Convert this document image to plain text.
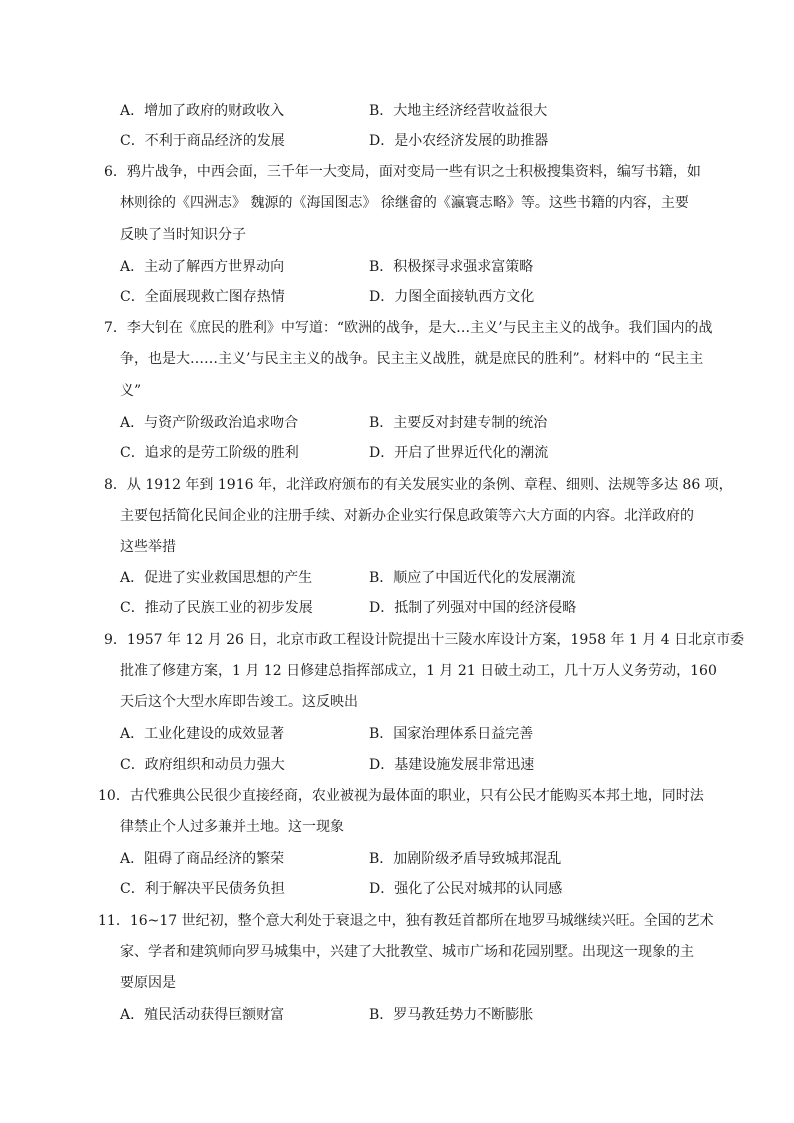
A．增加了政府的财政收入	B．大地主经济经营收益很大
C．不利于商品经济的发展	D．是小农经济发展的助推器
6．鸦片战争，中西会面，三千年一大变局，面对变局一些有识之士积极搜集资料，编写书籍，如
林则徐的《四洲志》 魏源的《海国图志》 徐继畲的《瀛寰志略》等。这些书籍的内容，主要
反映了当时知识分子
A．主动了解西方世界动向	B．积极探寻求强求富策略
C．全面展现救亡图存热情	D．力图全面接轨西方文化
7．李大钊在《庶民的胜利》中写道：“欧洲的战争，是大…主义’与民主主义的战争。我们国内的战
争，也是大……主义’与民主主义的战争。民主主义战胜，就是庶民的胜利”。材料中的 “民主主
义”
A．与资产阶级政治追求吻合	B．主要反对封建专制的统治
C．追求的是劳工阶级的胜利	D．开启了世界近代化的潮流
8．从 1912 年到 1916 年，北洋政府颁布的有关发展实业的条例、章程、细则、法规等多达 86 项，
主要包括简化民间企业的注册手续、对新办企业实行保息政策等六大方面的内容。北洋政府的
这些举措
A．促进了实业救国思想的产生	B．顺应了中国近代化的发展潮流
C．推动了民族工业的初步发展	D．抵制了列强对中国的经济侵略
9．1957 年 12 月 26 日，北京市政工程设计院提出十三陵水库设计方案，1958 年 1 月 4 日北京市委
批准了修建方案，1 月 12 日修建总指挥部成立，1 月 21 日破土动工，几十万人义务劳动，160
天后这个大型水库即告竣工。这反映出
A．工业化建设的成效显著	B．国家治理体系日益完善
C．政府组织和动员力强大	D．基建设施发展非常迅速
10．古代雅典公民很少直接经商，农业被视为最体面的职业，只有公民才能购买本邦土地，同时法
律禁止个人过多兼并土地。这一现象
A．阻碍了商品经济的繁荣	B．加剧阶级矛盾导致城邦混乱
C．利于解决平民债务负担	D．强化了公民对城邦的认同感
11．16~17 世纪初，整个意大利处于衰退之中，独有教廷首都所在地罗马城继续兴旺。全国的艺术
家、学者和建筑师向罗马城集中，兴建了大批教堂、城市广场和花园别墅。出现这一现象的主
要原因是
A．殖民活动获得巨额财富	B．罗马教廷势力不断膨胀
